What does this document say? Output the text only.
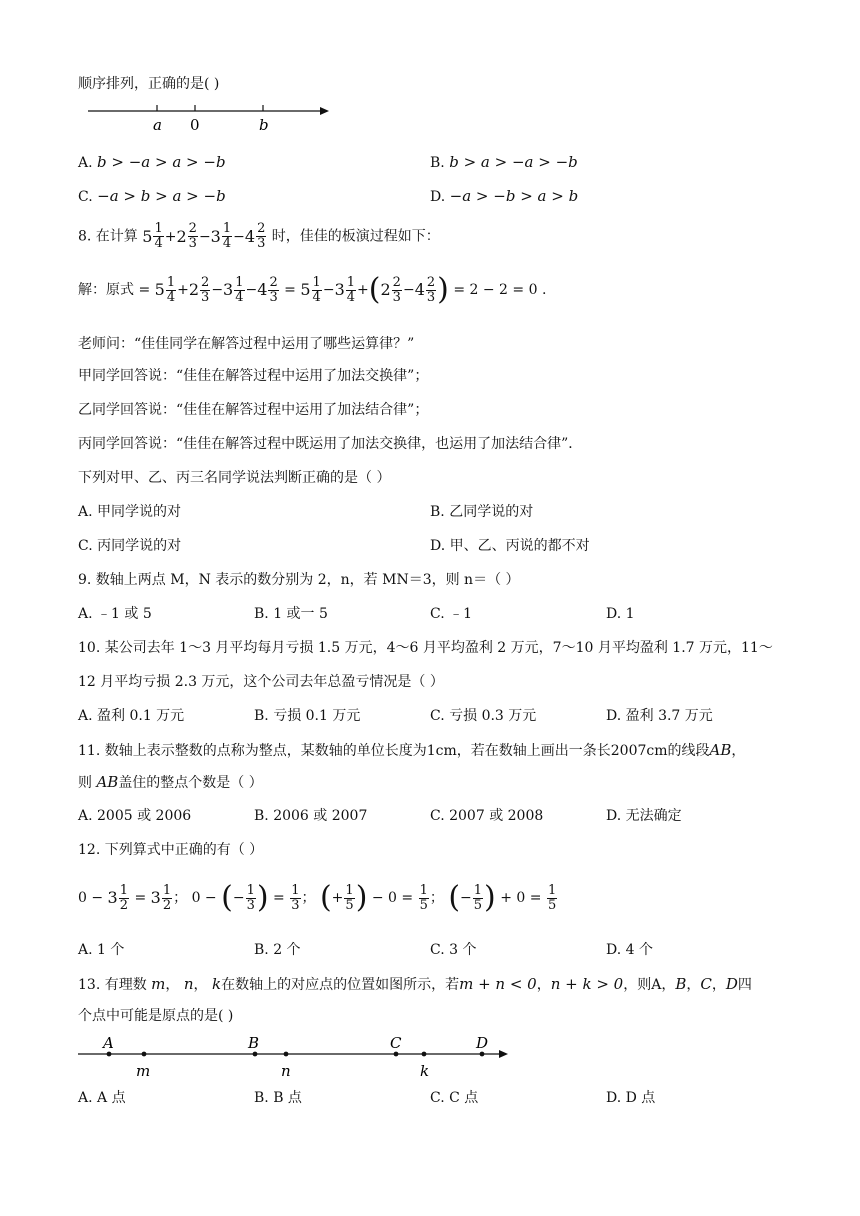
顺序排列，正确的是( )
a 0	b
A. b > −a > a > −b	B. b > a > −a > −b
C. −a > b > a > −b	D. −a > −b > a > b
8. 在计算 $5 \frac{1}{4} +2 \frac{2}{3} -3 \frac{1}{4} -4 \frac{2}{3}$ 时，佳佳的板演过程如下：
解：原式 = $5 \frac{1}{4} +2 \frac{2}{3} -3 \frac{1}{4} -4 \frac{2}{3} = 5 \frac{1}{4} -3 \frac{1}{4} +(2 \frac{2}{3} -4 \frac{2}{3}$ ) = 2 − 2 = 0 .
老师问：“佳佳同学在解答过程中运用了哪些运算律？”
甲同学回答说：“佳佳在解答过程中运用了加法交换律”；
乙同学回答说：“佳佳在解答过程中运用了加法结合律”；
丙同学回答说：“佳佳在解答过程中既运用了加法交换律，也运用了加法结合律”．
下列对甲、乙、丙三名同学说法判断正确的是（ ）
A. 甲同学说的对	B. 乙同学说的对
C. 丙同学说的对	D. 甲、乙、丙说的都不对
9. 数轴上两点 M，N 表示的数分别为 2，n，若 MN＝3，则 n＝（ ）
A. ﹣1 或 5	B. 1 或一 5	C. ﹣1	D. 1
10. 某公司去年 1～3 月平均每月亏损 1.5 万元，4～6 月平均盈利 2 万元，7～10 月平均盈利 1.7 万元，11～
12 月平均亏损 2.3 万元，这个公司去年总盈亏情况是（ ）
A. 盈利 0.1 万元	B. 亏损 0.1 万元	C. 亏损 0.3 万元	D. 盈利 3.7 万元
11. 数轴上表示整数的点称为整点，某数轴的单位长度为1cm，若在数轴上画出一条长2007cm的线段AB，
则 AB盖住的整点个数是（ ）
A. 2005 或 2006	B. 2006 或 2007	C. 2007 或 2008	D. 无法确定
12. 下列算式中正确的有（ ）
$0 - 3 \frac{1}{2} = 3 \frac{1}{2}$ ； 0 − (− $\frac{1}{3}$ ) = $\frac{1}{3}$ ； (+ $\frac{1}{5}$ ) − $0 = \frac{1}{5}$ ； (− $\frac{1}{5}$ ) + $0 = \frac{1}{5}$
A. 1 个	B. 2 个	C. 3 个	D. 4 个
13. 有理数 m， n， k在数轴上的对应点的位置如图所示，若m + n < 0，n + k > 0，则A，B，C，D四
个点中可能是原点的是( )
A
m
B
n
C
k
D
A. A 点	B. B 点	C. C 点	D. D 点
